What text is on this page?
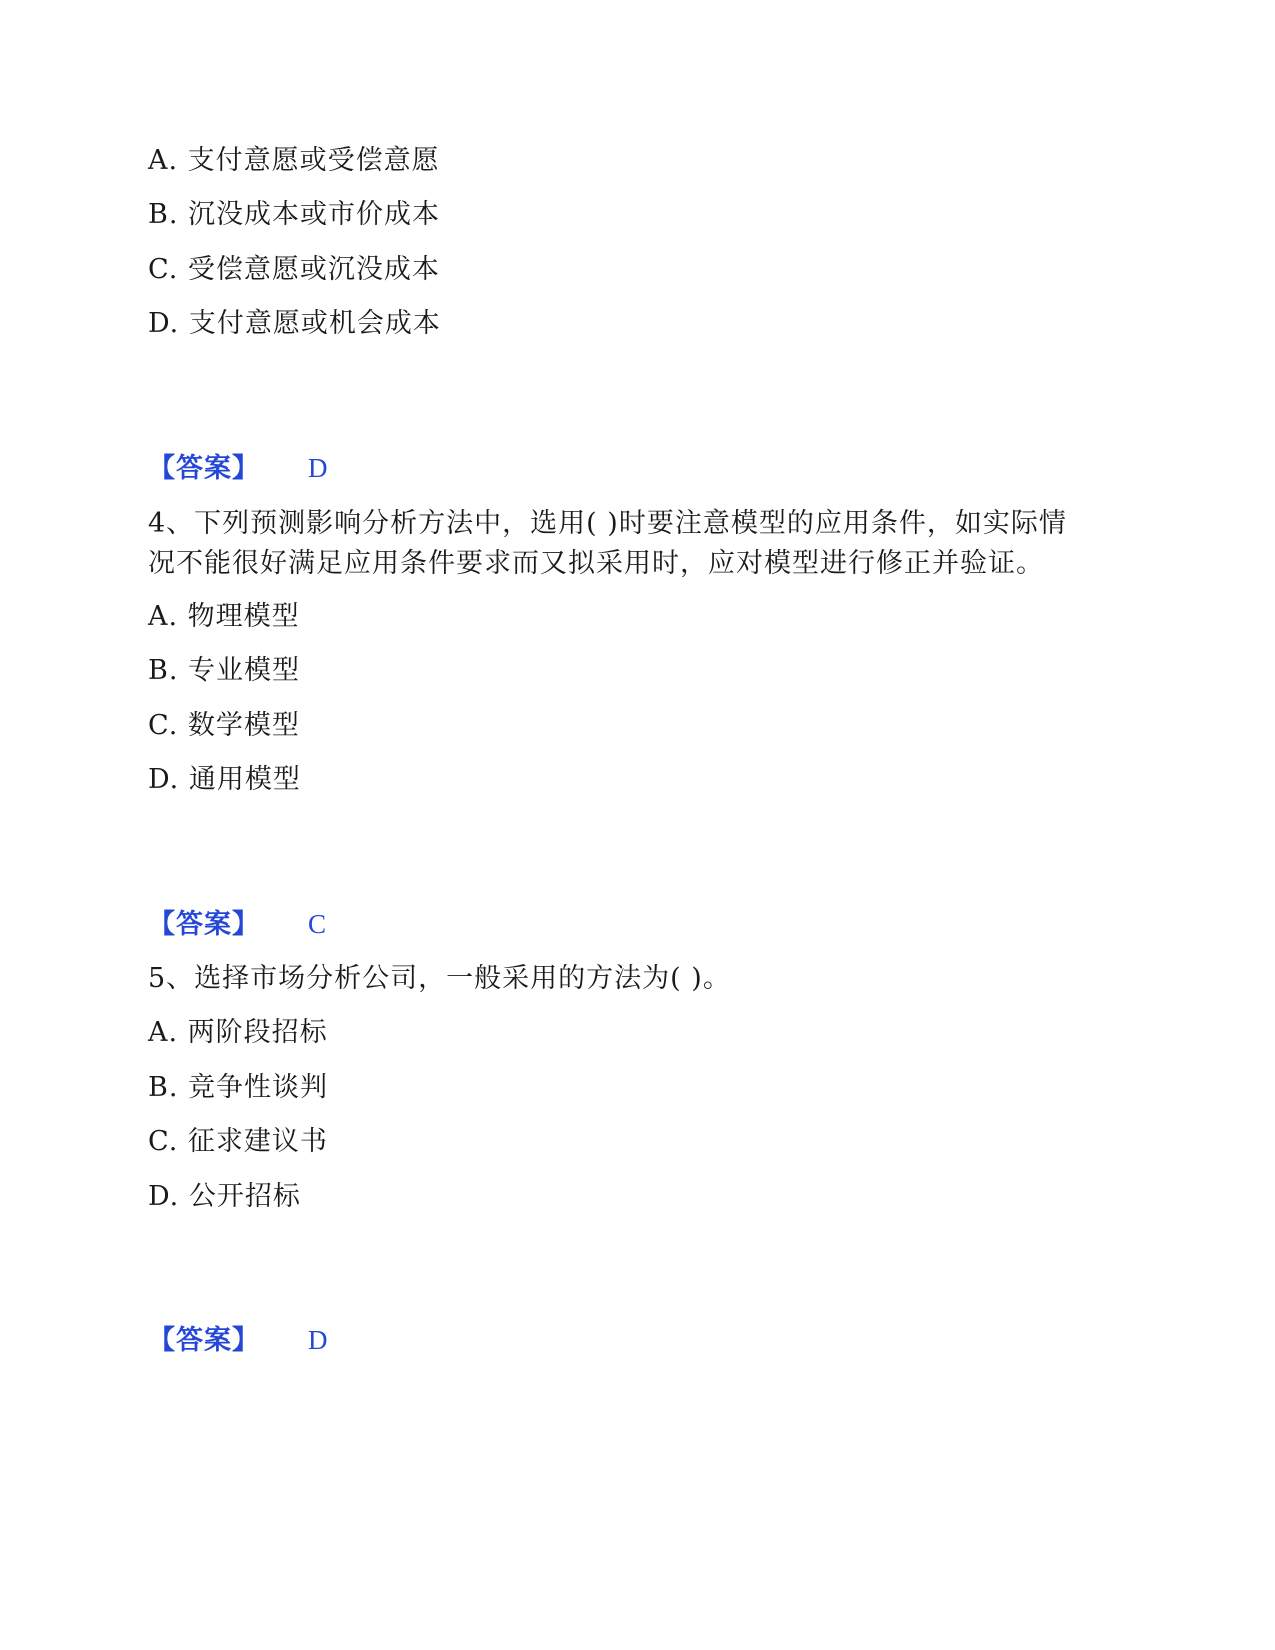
A. 支付意愿或受偿意愿
B. 沉没成本或市价成本
C. 受偿意愿或沉没成本
D. 支付意愿或机会成本
【答案】 D
4、下列预测影响分析方法中，选用( )时要注意模型的应用条件，如实际情
况不能很好满足应用条件要求而又拟采用时，应对模型进行修正并验证。
A. 物理模型
B. 专业模型
C. 数学模型
D. 通用模型
【答案】 C
5、选择市场分析公司，一般采用的方法为( )。
A. 两阶段招标
B. 竞争性谈判
C. 征求建议书
D. 公开招标
【答案】 D
